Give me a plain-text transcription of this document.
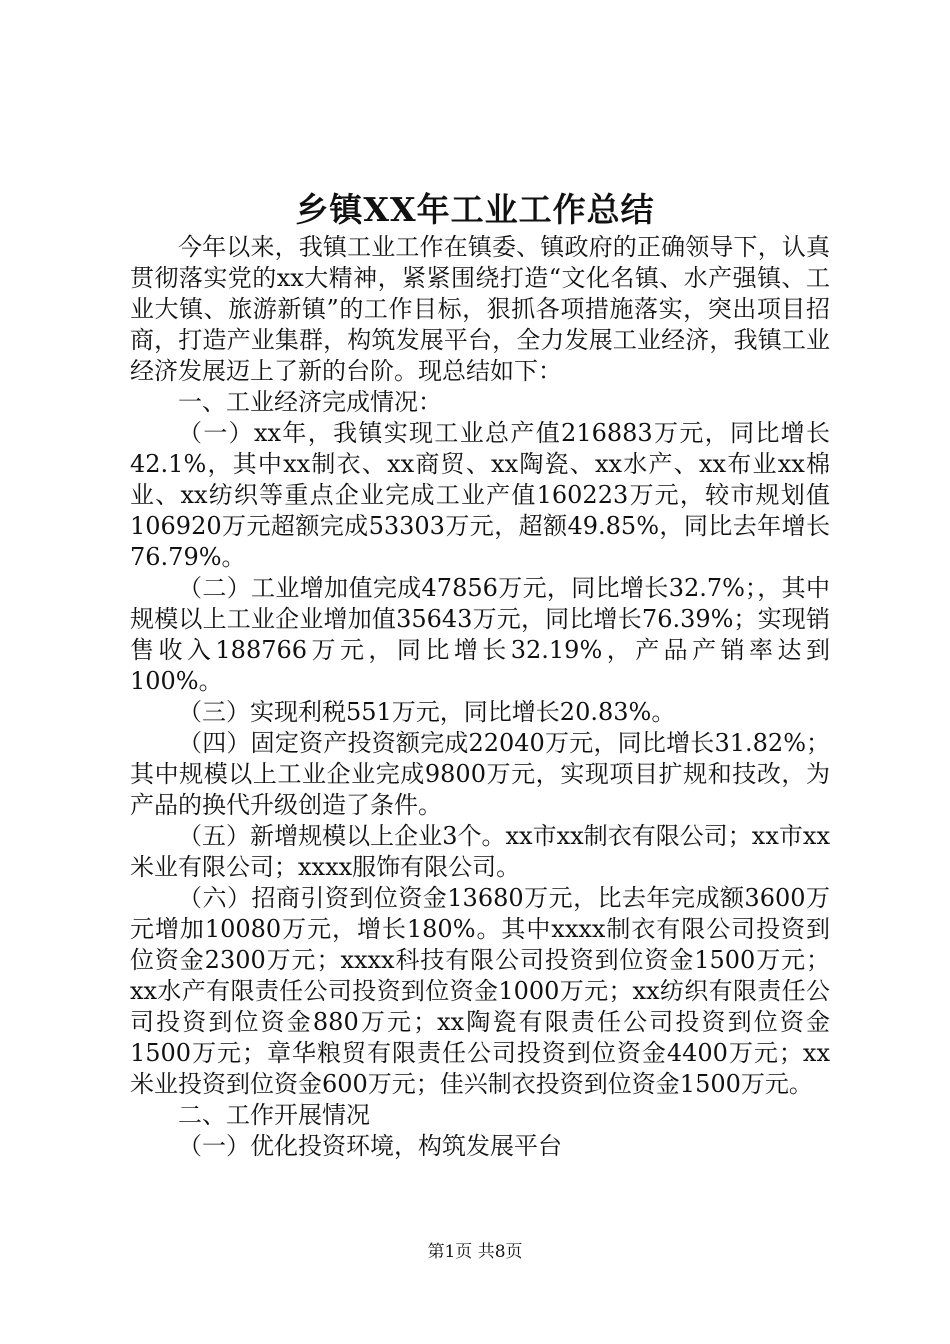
乡镇XX年工业工作总结

今年以来，我镇工业工作在镇委、镇政府的正确领导下，认真贯彻落实党的xx大精神，紧紧围绕打造“文化名镇、水产强镇、工业大镇、旅游新镇”的工作目标，狠抓各项措施落实，突出项目招商，打造产业集群，构筑发展平台，全力发展工业经济，我镇工业经济发展迈上了新的台阶。现总结如下：

一、工业经济完成情况：

（一）xx年，我镇实现工业总产值216883万元，同比增长42.1%，其中xx制衣、xx商贸、xx陶瓷、xx水产、xx布业xx棉业、xx纺织等重点企业完成工业产值160223万元，较市规划值106920万元超额完成53303万元，超额49.85%，同比去年增长76.79%。

（二）工业增加值完成47856万元，同比增长32.7%；，其中规模以上工业企业增加值35643万元，同比增长76.39%；实现销售收入188766万元，同比增长32.19%，产品产销率达到100%。

（三）实现利税551万元，同比增长20.83%。

（四）固定资产投资额完成22040万元，同比增长31.82%；其中规模以上工业企业完成9800万元，实现项目扩规和技改，为产品的换代升级创造了条件。

（五）新增规模以上企业3个。xx市xx制衣有限公司；xx市xx米业有限公司；xxxx服饰有限公司。

（六）招商引资到位资金13680万元，比去年完成额3600万元增加10080万元，增长180%。其中xxxx制衣有限公司投资到位资金2300万元；xxxx科技有限公司投资到位资金1500万元；xx水产有限责任公司投资到位资金1000万元；xx纺织有限责任公司投资到位资金880万元；xx陶瓷有限责任公司投资到位资金1500万元；章华粮贸有限责任公司投资到位资金4400万元；xx米业投资到位资金600万元；佳兴制衣投资到位资金1500万元。

二、工作开展情况

（一）优化投资环境，构筑发展平台

第1页 共8页
